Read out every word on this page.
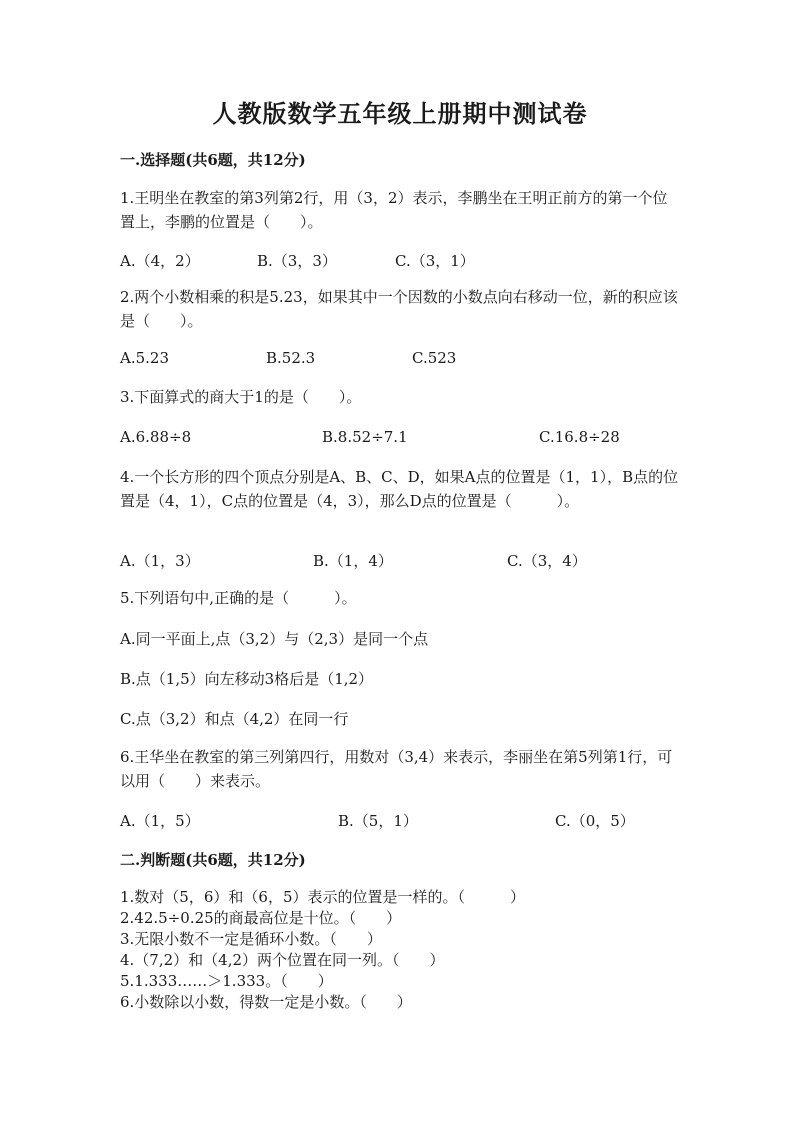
人教版数学五年级上册期中测试卷
一.选择题(共6题，共12分)
1.王明坐在教室的第3列第2行，用（3，2）表示，李鹏坐在王明正前方的第一个位置上，李鹏的位置是（　　）。
A.（4，2）	B.（3，3）	C.（3，1）
2.两个小数相乘的积是5.23，如果其中一个因数的小数点向右移动一位，新的积应该是（　　）。
A.5.23	B.52.3	C.523
3.下面算式的商大于1的是（　　）。
A.6.88÷8	B.8.52÷7.1	C.16.8÷28
4.一个长方形的四个顶点分别是A、B、C、D，如果A点的位置是（1，1），B点的位置是（4，1），C点的位置是（4，3），那么D点的位置是（　　　）。
A.（1，3）	B.（1，4）	C.（3，4）
5.下列语句中,正确的是（　　　）。
A.同一平面上,点（3,2）与（2,3）是同一个点
B.点（1,5）向左移动3格后是（1,2）
C.点（3,2）和点（4,2）在同一行
6.王华坐在教室的第三列第四行，用数对（3,4）来表示，李丽坐在第5列第1行，可以用（　　）来表示。
A.（1，5）	B.（5，1）	C.（0，5）
二.判断题(共6题，共12分)
1.数对（5，6）和（6，5）表示的位置是一样的。（　　　）
2.42.5÷0.25的商最高位是十位。（　　）
3.无限小数不一定是循环小数。（　　）
4.（7,2）和（4,2）两个位置在同一列。（　　）
5.1.333……＞1.333。（　　）
6.小数除以小数，得数一定是小数。（　　）
